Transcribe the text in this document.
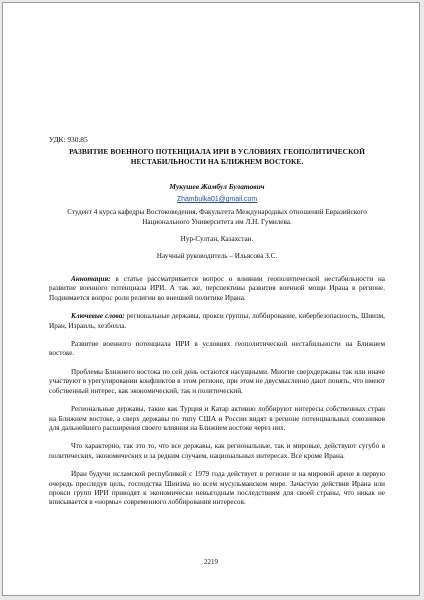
УДК: 930.85

РАЗВИТИЕ ВОЕННОГО ПОТЕНЦИАЛА ИРИ В УСЛОВИЯХ ГЕОПОЛИТИЧЕСКОЙ НЕСТАБИЛЬНОСТИ НА БЛИЖНЕМ ВОСТОКЕ.

Мукушев Жамбул Булатович

Zhambulka01@gmail.com

Студент 4 курса кафедры Востоковедения, Факультета Международных отношений Евразийского Национального Университета им Л.Н. Гумилева.

Нур-Султан, Казахстан.

Научный руководитель – Ильясова З.С.

Аннотация: в статье рассматривается вопрос о влиянии геополитической нестабильности на развитие военного потенциала ИРИ. А так же, перспективы развития военной мощи Ирана в регионе. Поднимается вопрос роли религии во внешней политике Ирана.

Ключевые слова: региональные державы, прокси группы, лоббирование, кибербезопасность, Шиизм, Иран, Израиль, хезболла.

Развитие военного потенциала ИРИ в условиях геополитической нестабильности на Ближнем востоке.

Проблемы Ближнего востока по сей день остаются насущными. Многие сверхдержавы так или иначе участвуют в урегулировании конфликтов в этом регионе, при этом не двусмысленно дают понять, что имеют собственный интерес, как экономический, так и политический.

Региональные державы, такие как Турция и Катар активно лоббируют интересы собственных стран на Ближнем востоке, а сверх державы по типу США и России видят в регионе потенциальных союзников для дальнейшего расширения своего влияния на Ближнем востоке через них.

Что характерно, так это то, что все державы, как региональные, так и мировые, действуют сугубо в политических, экономических и за редким случаем, национальных интересах. Все кроме Ирана.

Иран будучи исламской республикой с 1979 года действует в регионе и на мировой арене в первую очередь преследуя цель, господства Шиизма во всем мусульманском мире. Зачастую действия Ирана или прокси групп ИРИ приводят к экономически невыгодным последствиям для своей страны, что никак не вписывается в «нормы» современного лоббирования интересов.

2219
